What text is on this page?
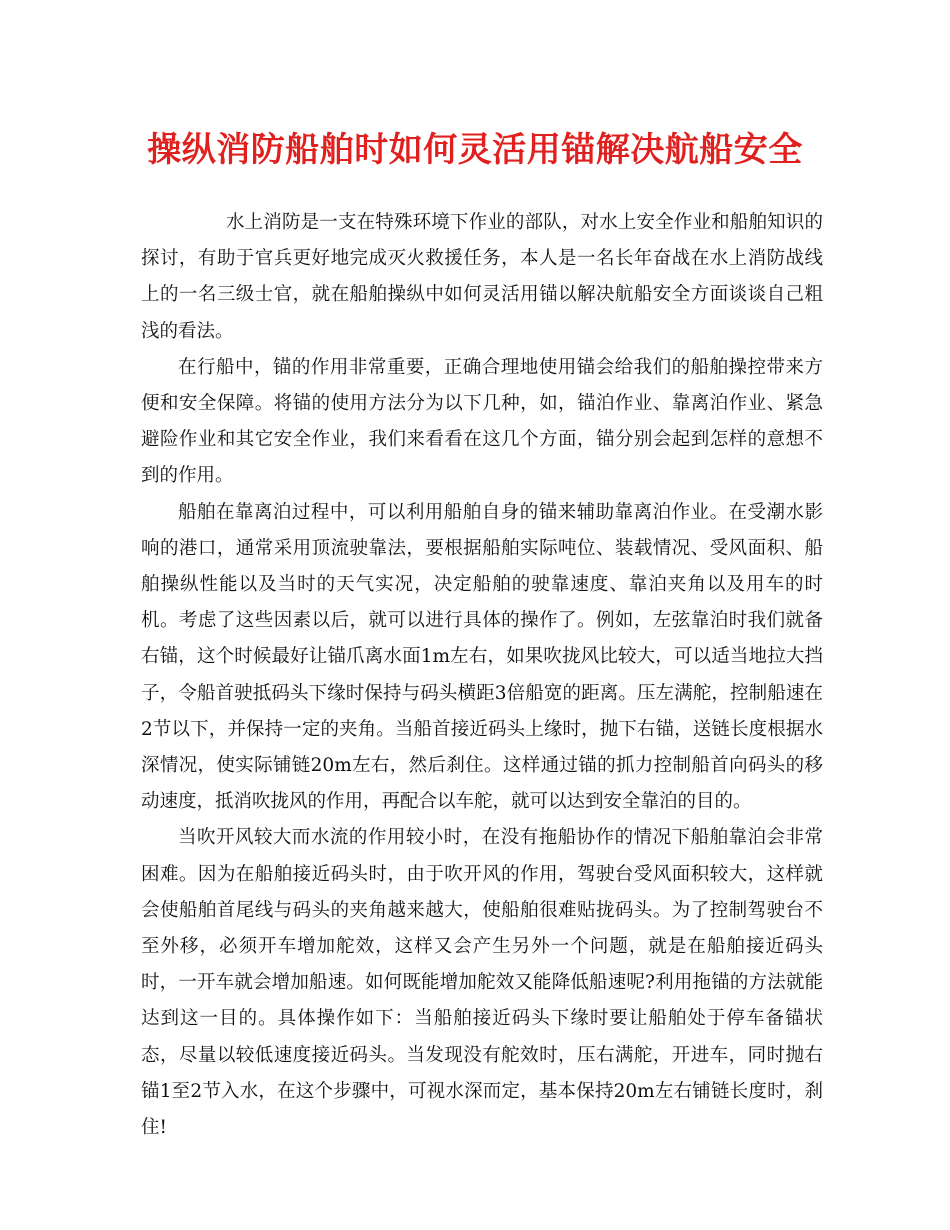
操纵消防船舶时如何灵活用锚解决航船安全

水上消防是一支在特殊环境下作业的部队，对水上安全作业和船舶知识的探讨，有助于官兵更好地完成灭火救援任务，本人是一名长年奋战在水上消防战线上的一名三级士官，就在船舶操纵中如何灵活用锚以解决航船安全方面谈谈自己粗浅的看法。

在行船中，锚的作用非常重要，正确合理地使用锚会给我们的船舶操控带来方便和安全保障。将锚的使用方法分为以下几种，如，锚泊作业、靠离泊作业、紧急避险作业和其它安全作业，我们来看看在这几个方面，锚分别会起到怎样的意想不到的作用。

船舶在靠离泊过程中，可以利用船舶自身的锚来辅助靠离泊作业。在受潮水影响的港口，通常采用顶流驶靠法，要根据船舶实际吨位、装载情况、受风面积、船舶操纵性能以及当时的天气实况，决定船舶的驶靠速度、靠泊夹角以及用车的时机。考虑了这些因素以后，就可以进行具体的操作了。例如，左弦靠泊时我们就备右锚，这个时候最好让锚爪离水面1m左右，如果吹拢风比较大，可以适当地拉大挡子，令船首驶抵码头下缘时保持与码头横距3倍船宽的距离。压左满舵，控制船速在2节以下，并保持一定的夹角。当船首接近码头上缘时，抛下右锚，送链长度根据水深情况，使实际铺链20m左右，然后刹住。这样通过锚的抓力控制船首向码头的移动速度，抵消吹拢风的作用，再配合以车舵，就可以达到安全靠泊的目的。

当吹开风较大而水流的作用较小时，在没有拖船协作的情况下船舶靠泊会非常困难。因为在船舶接近码头时，由于吹开风的作用，驾驶台受风面积较大，这样就会使船舶首尾线与码头的夹角越来越大，使船舶很难贴拢码头。为了控制驾驶台不至外移，必须开车增加舵效，这样又会产生另外一个问题，就是在船舶接近码头时，一开车就会增加船速。如何既能增加舵效又能降低船速呢?利用拖锚的方法就能达到这一目的。具体操作如下：当船舶接近码头下缘时要让船舶处于停车备锚状态，尽量以较低速度接近码头。当发现没有舵效时，压右满舵，开进车，同时抛右锚1至2节入水，在这个步骤中，可视水深而定，基本保持20m左右铺链长度时，刹住!
